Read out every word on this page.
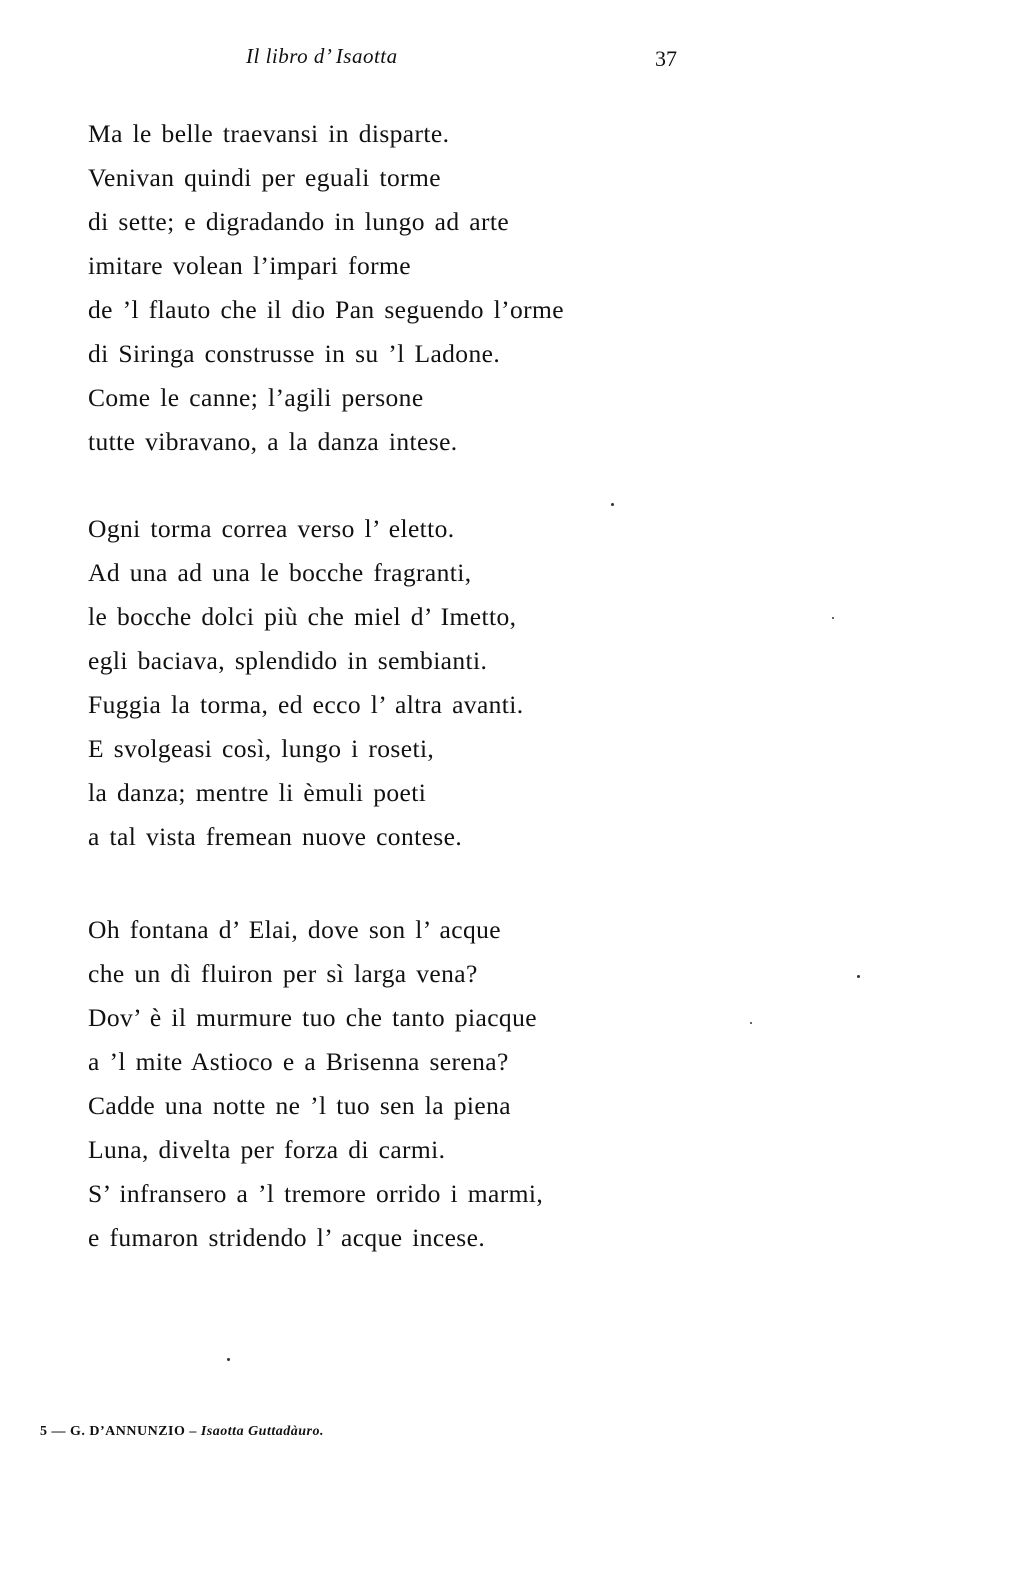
Il libro d’ Isaotta	37
Ma le belle traevansi in disparte.
Venivan quindi per eguali torme
di sette; e digradando in lungo ad arte
imitare volean l’impari forme
de ’l flauto che il dio Pan seguendo l’orme
di Siringa construsse in su ’l Ladone.
Come le canne; l’agili persone
tutte vibravano, a la danza intese.
Ogni torma correa verso l’ eletto.
Ad una ad una le bocche fragranti,
le bocche dolci più che miel d’ Imetto,
egli baciava, splendido in sembianti.
Fuggia la torma, ed ecco l’ altra avanti.
E svolgeasi così, lungo i roseti,
la danza; mentre li èmuli poeti
a tal vista fremean nuove contese.
Oh fontana d’ Elai, dove son l’ acque
che un dì fluiron per sì larga vena?
Dov’ è il murmure tuo che tanto piacque
a ’l mite Astioco e a Brisenna serena?
Cadde una notte ne ’l tuo sen la piena
Luna, divelta per forza di carmi.
S’ infransero a ’l tremore orrido i marmi,
e fumaron stridendo l’ acque incese.
5 — G. D’ANNUNZIO – Isaotta Guttadàuro.
